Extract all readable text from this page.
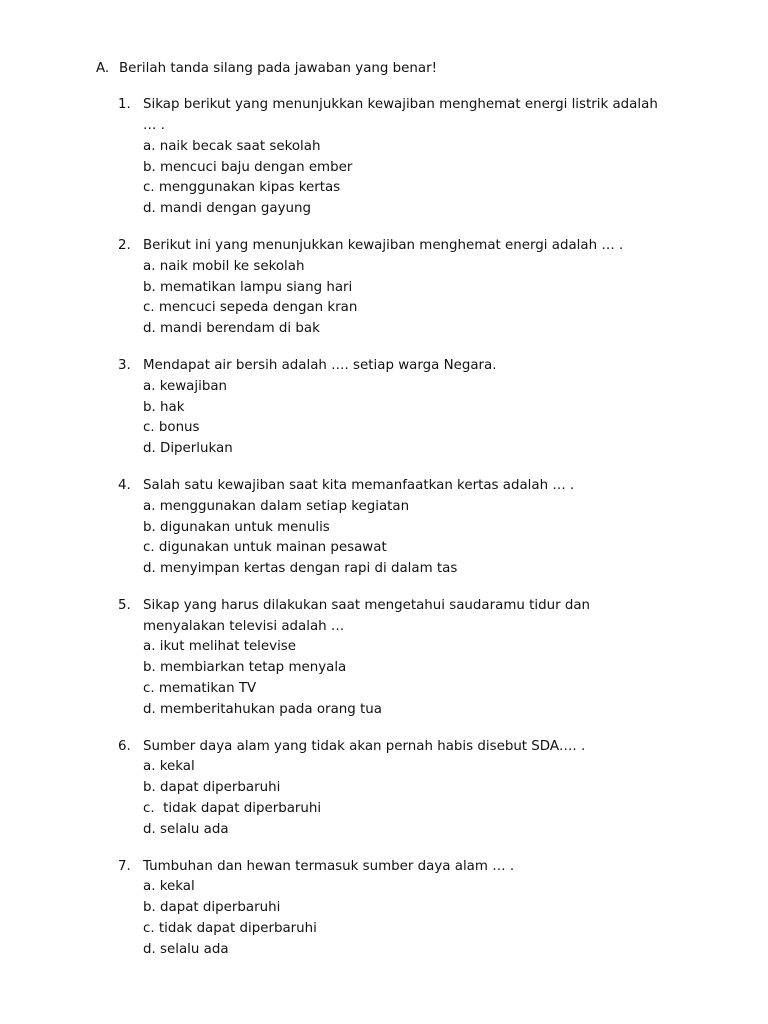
A. Berilah tanda silang pada jawaban yang benar!
1. Sikap berikut yang menunjukkan kewajiban menghemat energi listrik adalah
… .
a. naik becak saat sekolah
b. mencuci baju dengan ember
c. menggunakan kipas kertas
d. mandi dengan gayung
2. Berikut ini yang menunjukkan kewajiban menghemat energi adalah … .
a. naik mobil ke sekolah
b. mematikan lampu siang hari
c. mencuci sepeda dengan kran
d. mandi berendam di bak
3. Mendapat air bersih adalah …. setiap warga Negara.
a. kewajiban
b. hak
c. bonus
d. Diperlukan
4. Salah satu kewajiban saat kita memanfaatkan kertas adalah … .
a. menggunakan dalam setiap kegiatan
b. digunakan untuk menulis
c. digunakan untuk mainan pesawat
d. menyimpan kertas dengan rapi di dalam tas
5. Sikap yang harus dilakukan saat mengetahui saudaramu tidur dan
menyalakan televisi adalah …
a. ikut melihat televise
b. membiarkan tetap menyala
c. mematikan TV
d. memberitahukan pada orang tua
6. Sumber daya alam yang tidak akan pernah habis disebut SDA…. .
a. kekal
b. dapat diperbaruhi
c.  tidak dapat diperbaruhi
d. selalu ada
7. Tumbuhan dan hewan termasuk sumber daya alam … .
a. kekal
b. dapat diperbaruhi
c. tidak dapat diperbaruhi
d. selalu ada
